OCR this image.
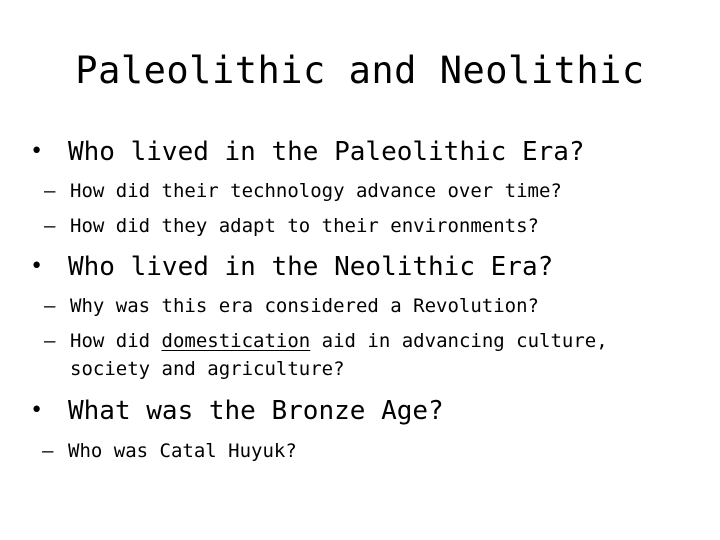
Paleolithic and Neolithic
• Who lived in the Paleolithic Era?
– How did their technology advance over time?
– How did they adapt to their environments?
• Who lived in the Neolithic Era?
– Why was this era considered a Revolution?
– How did domestication aid in advancing culture,
society and agriculture?
• What was the Bronze Age?
– Who was Catal Huyuk?
